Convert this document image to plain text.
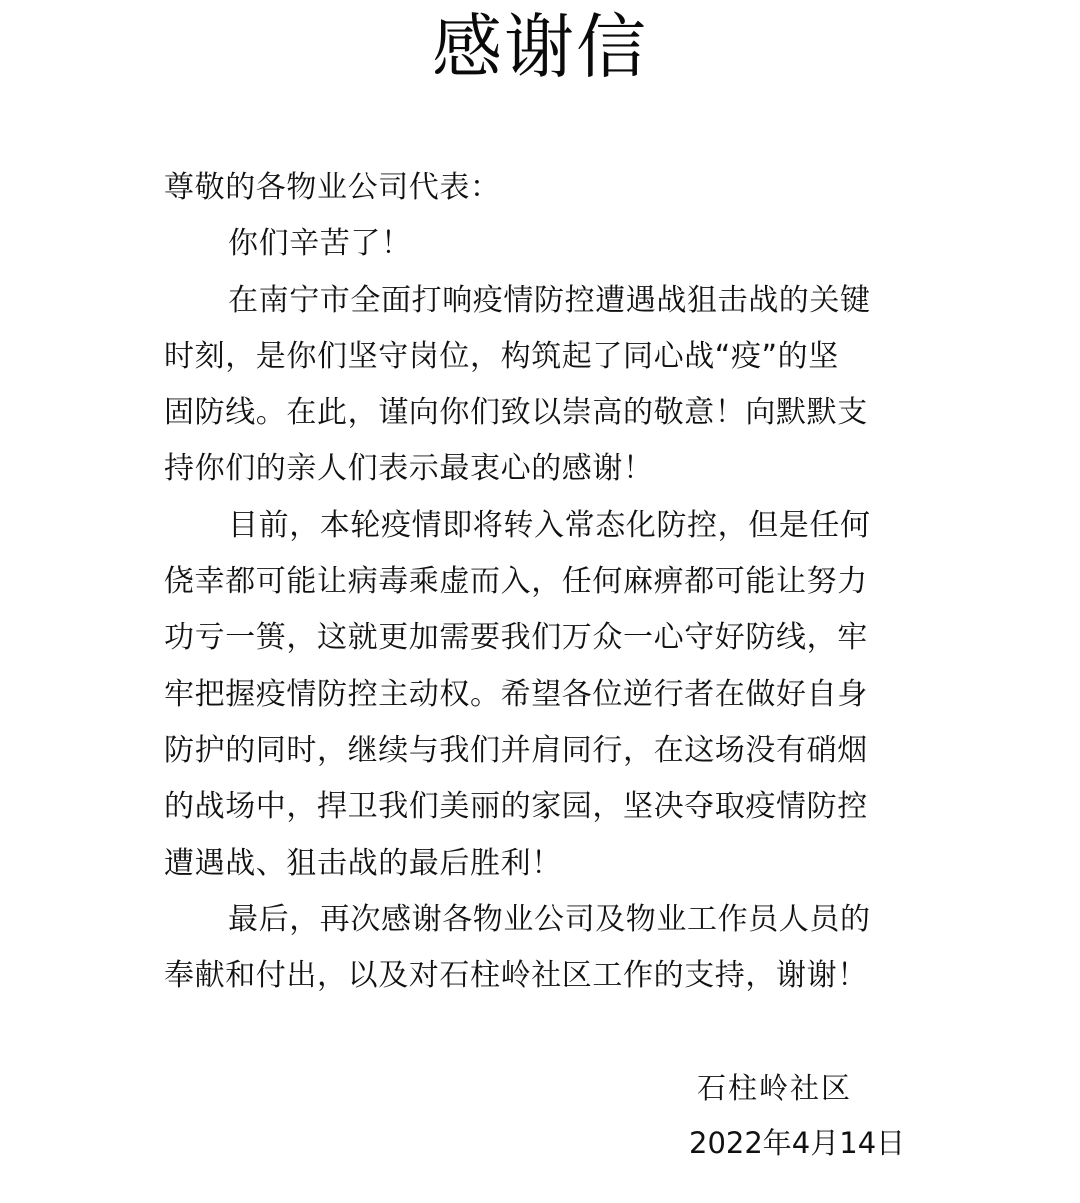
感谢信
尊敬的各物业公司代表：
你们辛苦了！
在南宁市全面打响疫情防控遭遇战狙击战的关键
时刻，是你们坚守岗位，构筑起了同心战“疫”的坚
固防线。在此，谨向你们致以崇高的敬意！向默默支
持你们的亲人们表示最衷心的感谢！
目前，本轮疫情即将转入常态化防控，但是任何
侥幸都可能让病毒乘虚而入，任何麻痹都可能让努力
功亏一篑，这就更加需要我们万众一心守好防线，牢
牢把握疫情防控主动权。希望各位逆行者在做好自身
防护的同时，继续与我们并肩同行，在这场没有硝烟
的战场中，捍卫我们美丽的家园，坚决夺取疫情防控
遭遇战、狙击战的最后胜利！
最后，再次感谢各物业公司及物业工作员人员的
奉献和付出，以及对石柱岭社区工作的支持，谢谢！
石柱岭社区
2022年4月14日
